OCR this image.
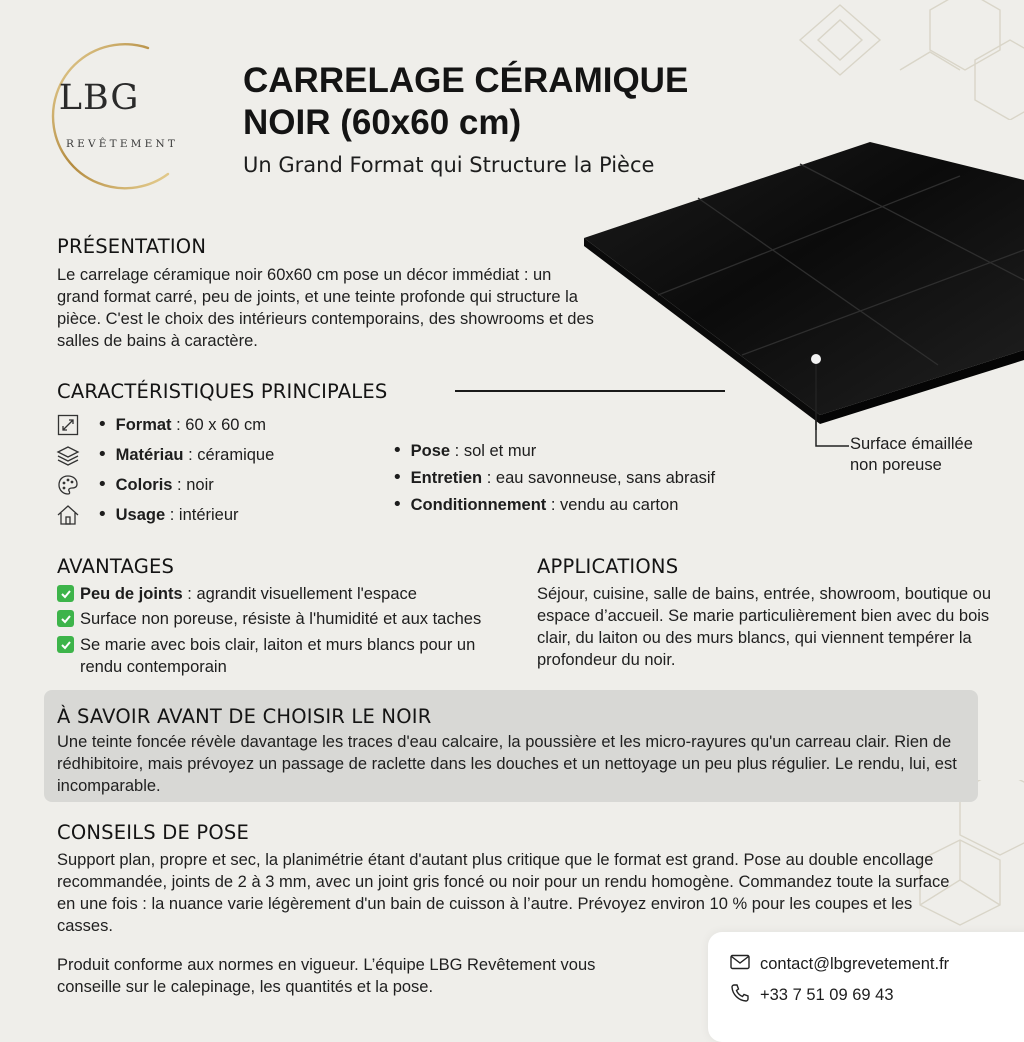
LBG
REVÊTEMENT
CARRELAGE CÉRAMIQUE
NOIR (60x60 cm)
Un Grand Format qui Structure la Pièce
Surface émaillée non poreuse
PRÉSENTATION

Le carrelage céramique noir 60x60 cm pose un décor immédiat : un grand format carré, peu de joints, et une teinte profonde qui structure la pièce. C'est le choix des intérieurs contemporains, des showrooms et des salles de bains à caractère.

CARACTÉRISTIQUES PRINCIPALES
• Format : 60 x 60 cm
• Matériau : céramique
• Coloris : noir
• Usage : intérieur
• Pose : sol et mur
• Entretien : eau savonneuse, sans abrasif
• Conditionnement : vendu au carton
AVANTAGES
Peu de joints : agrandit visuellement l'espace
Surface non poreuse, résiste à l'humidité et aux taches
Se marie avec bois clair, laiton et murs blancs pour un rendu contemporain
APPLICATIONS

Séjour, cuisine, salle de bains, entrée, showroom, boutique ou espace d’accueil. Se marie particulièrement bien avec du bois clair, du laiton ou des murs blancs, qui viennent tempérer la profondeur du noir.

À SAVOIR AVANT DE CHOISIR LE NOIR

Une teinte foncée révèle davantage les traces d'eau calcaire, la poussière et les micro-rayures qu'un carreau clair. Rien de rédhibitoire, mais prévoyez un passage de raclette dans les douches et un nettoyage un peu plus régulier. Le rendu, lui, est incomparable.

CONSEILS DE POSE

Support plan, propre et sec, la planimétrie étant d'autant plus critique que le format est grand. Pose au double encollage recommandée, joints de 2 à 3 mm, avec un joint gris foncé ou noir pour un rendu homogène. Commandez toute la surface en une fois : la nuance varie légèrement d'un bain de cuisson à l’autre. Prévoyez environ 10 % pour les coupes et les casses.

Produit conforme aux normes en vigueur. L’équipe LBG Revêtement vous conseille sur le calepinage, les quantités et la pose.

contact@lbgrevetement.fr
+33 7 51 09 69 43
